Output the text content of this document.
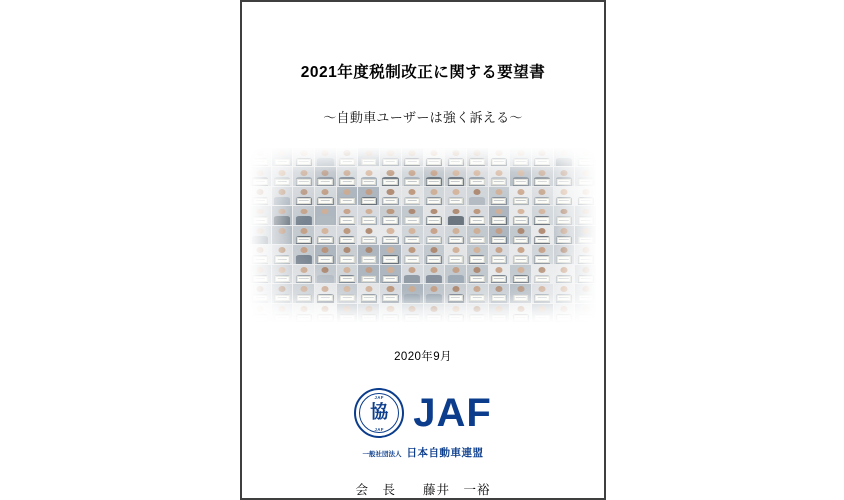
2021年度税制改正に関する要望書
〜自動車ユーザーは強く訴える〜
2020年9月
JAF
協
JAF JAF
一般社団法人 日本自動車連盟
会　長　　藤井　一裕
